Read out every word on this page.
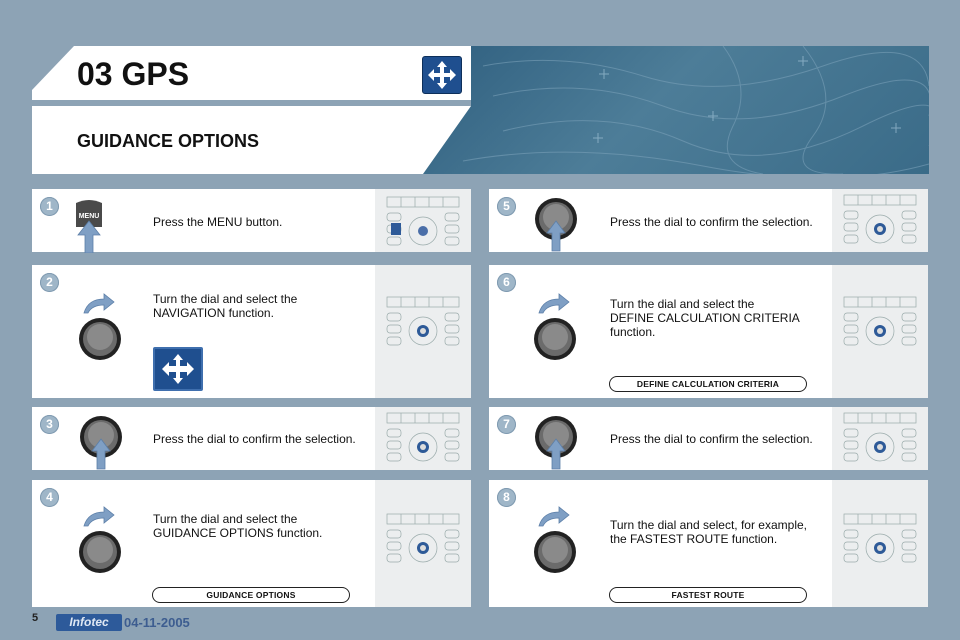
03 GPS
GUIDANCE OPTIONS
1
MENU	Press the MENU button.
2
Turn the dial and select the
NAVIGATION function.
3
Press the dial to confirm the selection.
4
Turn the dial and select the
GUIDANCE OPTIONS function.
GUIDANCE OPTIONS
5
Press the dial to confirm the selection.
6
Turn the dial and select the
DEFINE CALCULATION CRITERIA
function.
DEFINE CALCULATION CRITERIA
7
Press the dial to confirm the selection.
8
Turn the dial and select, for example,
the FASTEST ROUTE function.
FASTEST ROUTE
5	Infotec	04-11-2005
